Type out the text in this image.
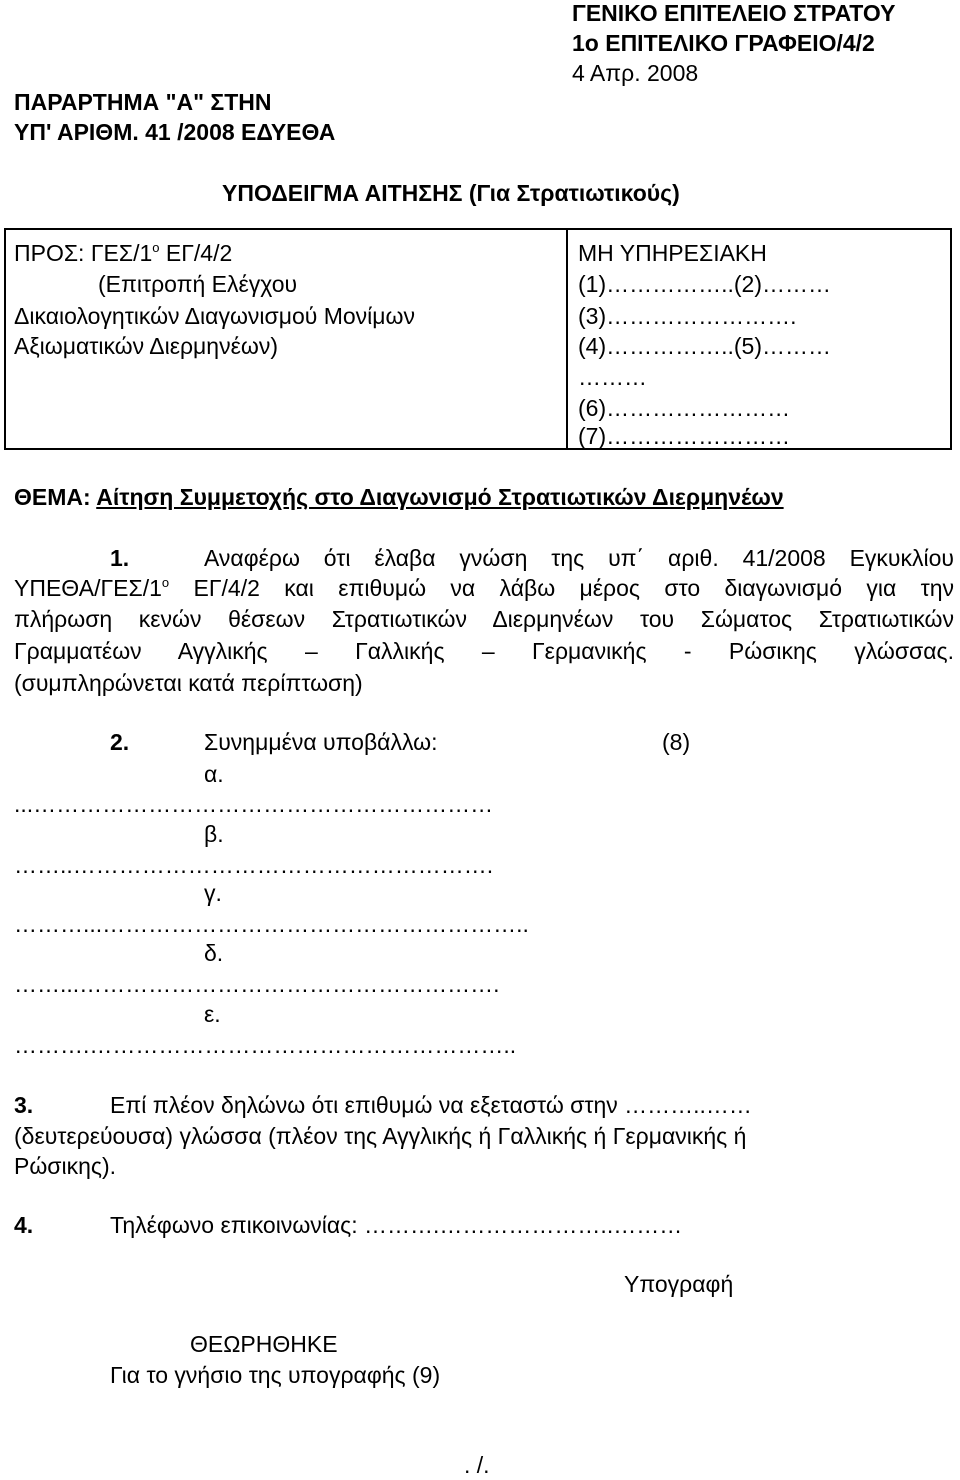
ΓΕΝΙΚΟ ΕΠΙΤΕΛΕΙΟ ΣΤΡΑΤΟΥ
1ο ΕΠΙΤΕΛΙΚΟ ΓΡΑΦΕΙΟ/4/2
4 Απρ. 2008
ΠΑΡΑΡΤΗΜΑ "Α" ΣΤΗΝ
ΥΠ' ΑΡΙΘΜ. 41 /2008 ΕΔΥΕΘΑ
ΥΠΟΔΕΙΓΜΑ ΑΙΤΗΣΗΣ (Για Στρατιωτικούς)
ΠΡΟΣ: ΓΕΣ/$1^o$ ΕΓ/4/2
(Επιτροπή Ελέγχου
Δικαιολογητικών Διαγωνισμού Μονίμων
Αξιωματικών Διερμηνέων)
ΜΗ ΥΠΗΡΕΣΙΑΚΗ
(1)……………..(2)………
(3)…………………….
(4)……………..(5)………
………
(6)……………………
(7)……………………
ΘΕΜΑ: Αίτηση Συμμετοχής στο Διαγωνισμό Στρατιωτικών Διερμηνέων
1.	Αναφέρω ότι έλαβα γνώση της υπ΄ αριθ. 41/2008 Εγκυκλίου
ΥΠΕΘΑ/$\Gamma E\Sigma/1^o$ ΕΓ/4/2 και επιθυμώ να λάβω μέρος στο διαγωνισμό για την
πλήρωση κενών θέσεων Στρατιωτικών Διερμηνέων του Σώματος Στρατιωτικών
Γραμματέων Αγγλικής – Γαλλικής – Γερμανικής - Ρώσικης γλώσσας.
(συμπληρώνεται κατά περίπτωση)
2.	Συνημμένα υποβάλλω:	(8)
α.
...……………………………………………………
β.
……..……………………………………………….
γ.
………...………………………………………………..
δ.
……...……………………………………………….
ε.
……….………………………………………………..
3.	Επί πλέον δηλώνω ότι επιθυμώ να εξεταστώ στην ………..……
(δευτερεύουσα) γλώσσα (πλέον της Αγγλικής ή Γαλλικής ή Γερμανικής ή
Ρώσικης).
4.	Τηλέφωνο επικοινωνίας: ……….…………………..………
Υπογραφή
ΘΕΩΡΗΘΗΚΕ
Για το γνήσιο της υπογραφής (9)
. /.
